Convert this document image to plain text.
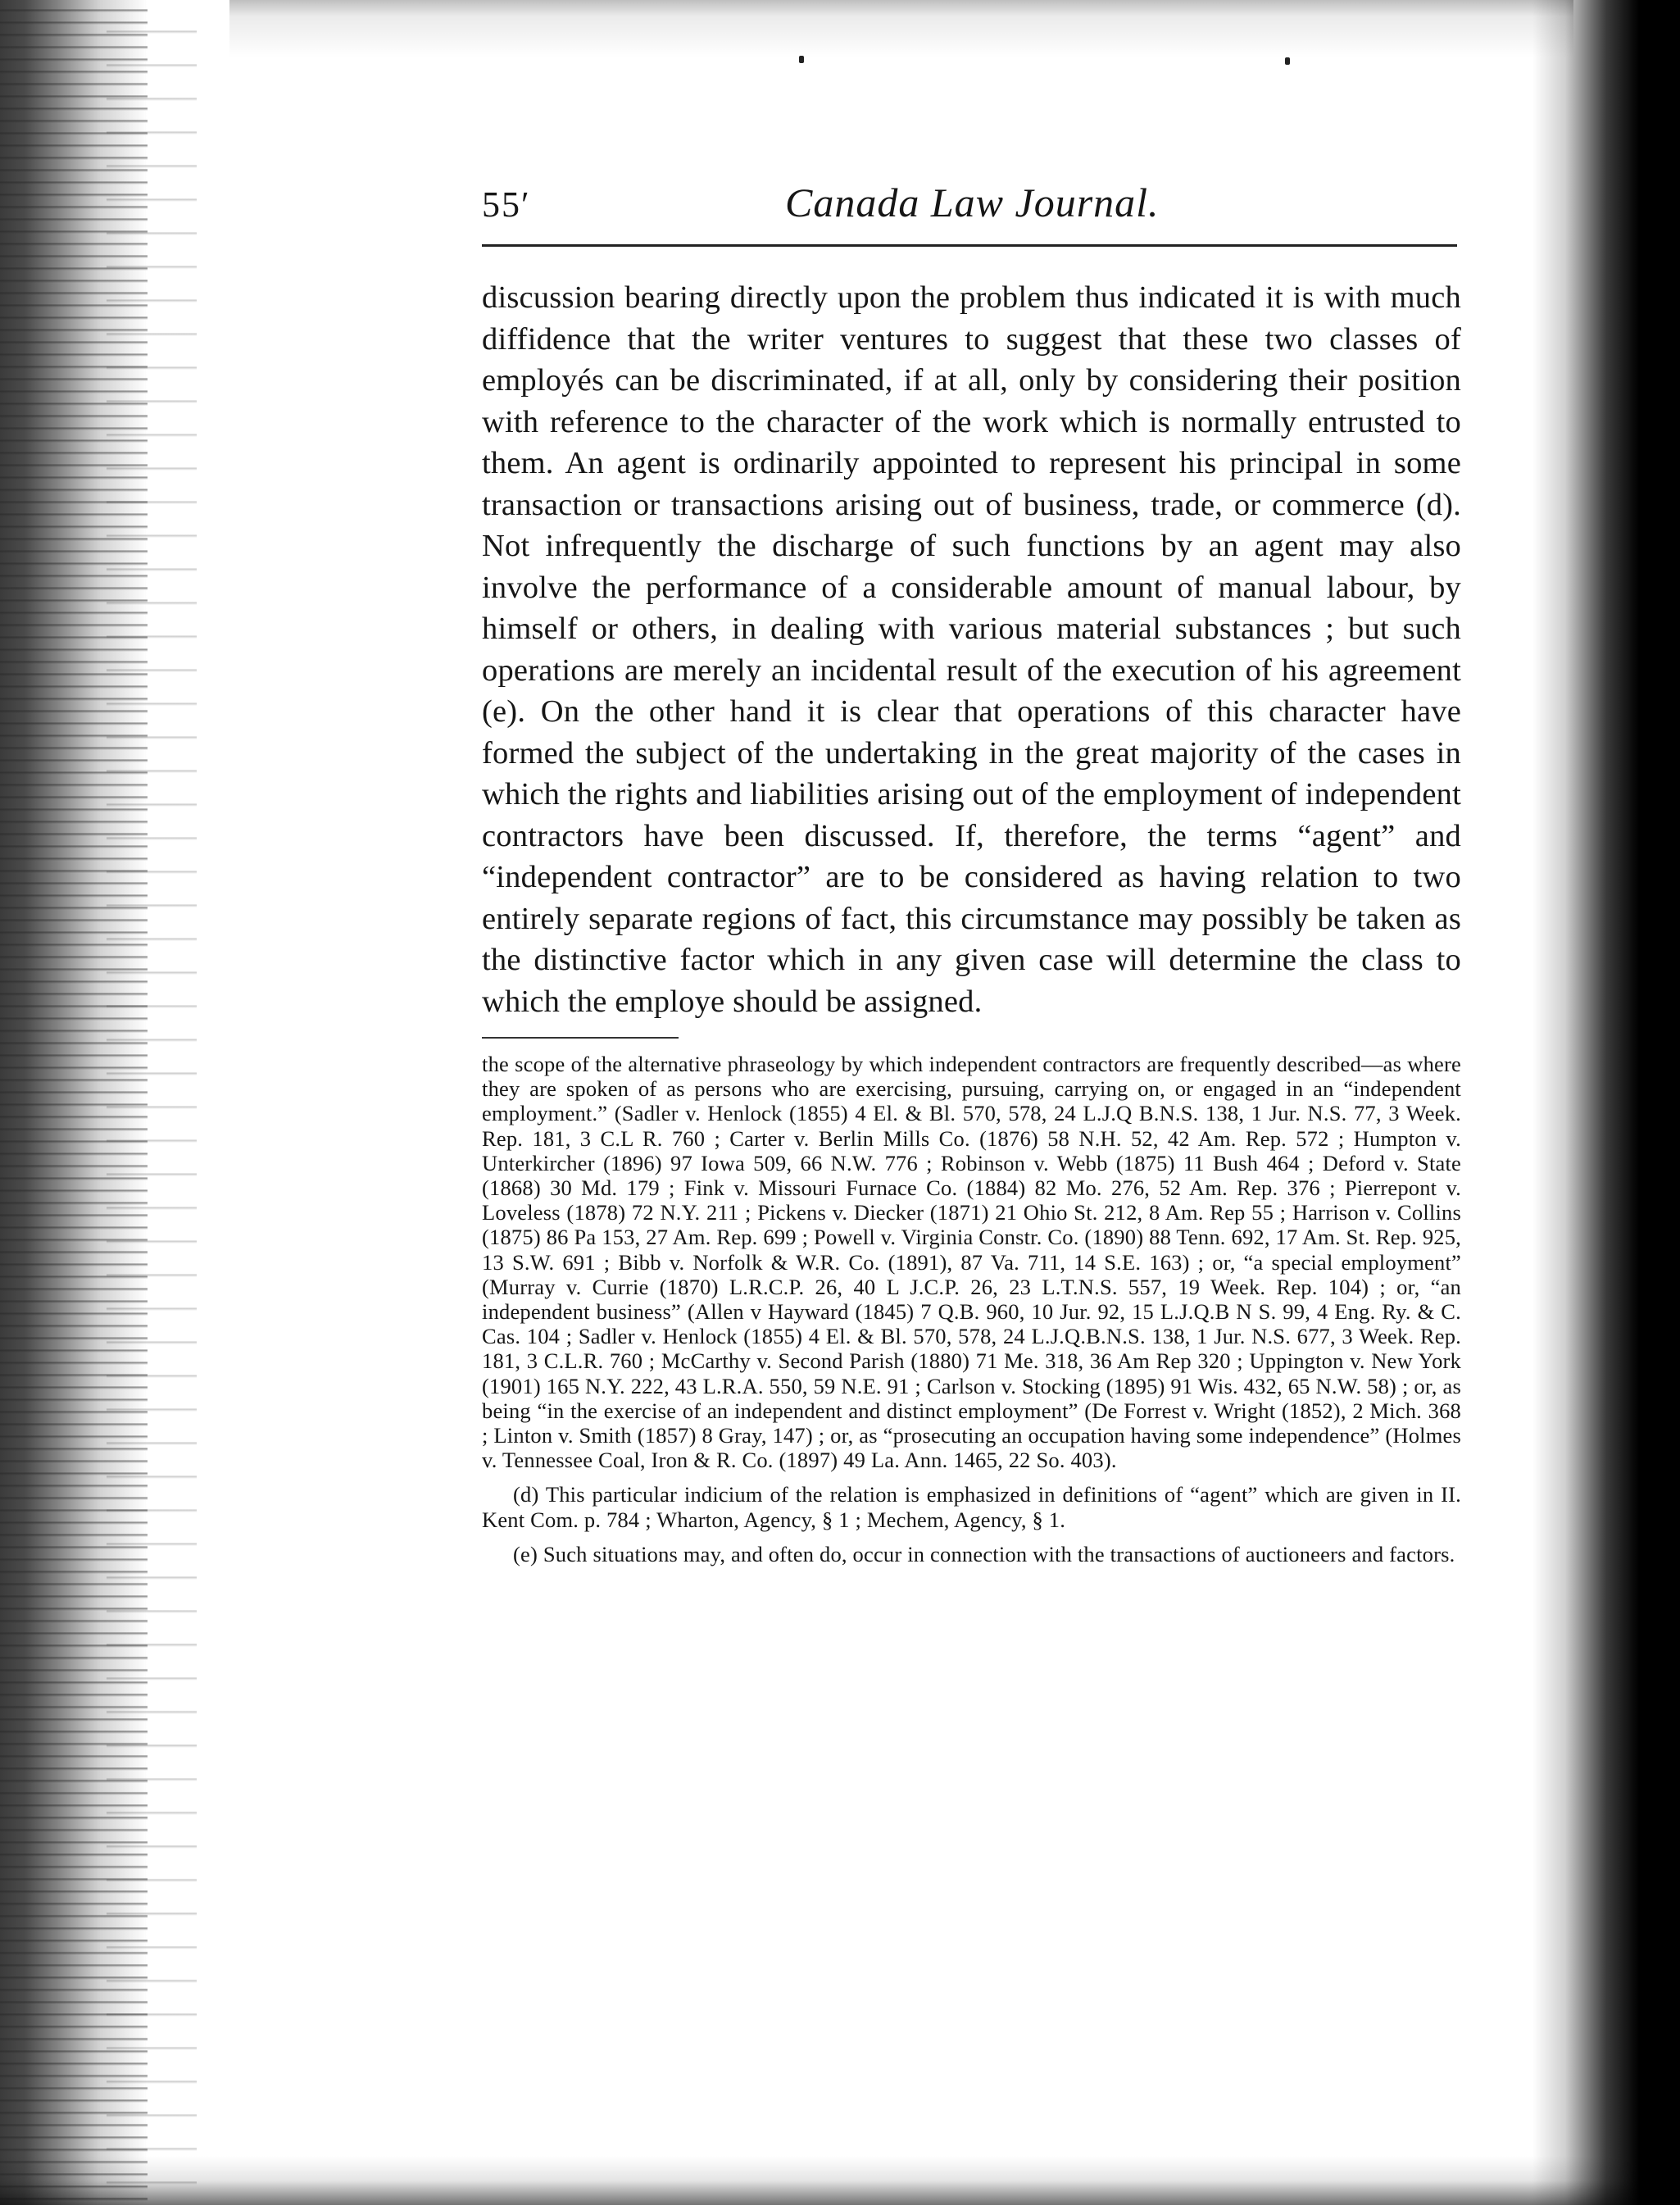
55′	Canada Law Journal.

discussion bearing directly upon the problem thus indicated it is with much diffidence that the writer ventures to suggest that these two classes of employés can be discriminated, if at all, only by considering their position with reference to the character of the work which is normally entrusted to them. An agent is ordinarily appointed to represent his principal in some transaction or transactions arising out of business, trade, or commerce (d). Not infrequently the discharge of such functions by an agent may also involve the performance of a considerable amount of manual labour, by himself or others, in dealing with various material substances ; but such operations are merely an incidental result of the execution of his agreement (e). On the other hand it is clear that operations of this character have formed the subject of the undertaking in the great majority of the cases in which the rights and liabilities arising out of the employment of independent contractors have been discussed. If, therefore, the terms “agent” and “independent contractor” are to be considered as having relation to two entirely separate regions of fact, this circumstance may possibly be taken as the distinctive factor which in any given case will determine the class to which the employe should be assigned.

the scope of the alternative phraseology by which independent contractors are frequently described—as where they are spoken of as persons who are exercising, pursuing, carrying on, or engaged in an “independent employment.” (Sadler v. Henlock (1855) 4 El. & Bl. 570, 578, 24 L.J.Q B.N.S. 138, 1 Jur. N.S. 77, 3 Week. Rep. 181, 3 C.L R. 760 ; Carter v. Berlin Mills Co. (1876) 58 N.H. 52, 42 Am. Rep. 572 ; Humpton v. Unterkircher (1896) 97 Iowa 509, 66 N.W. 776 ; Robinson v. Webb (1875) 11 Bush 464 ; Deford v. State (1868) 30 Md. 179 ; Fink v. Missouri Furnace Co. (1884) 82 Mo. 276, 52 Am. Rep. 376 ; Pierrepont v. Loveless (1878) 72 N.Y. 211 ; Pickens v. Diecker (1871) 21 Ohio St. 212, 8 Am. Rep 55 ; Harrison v. Collins (1875) 86 Pa 153, 27 Am. Rep. 699 ; Powell v. Virginia Constr. Co. (1890) 88 Tenn. 692, 17 Am. St. Rep. 925, 13 S.W. 691 ; Bibb v. Norfolk & W.R. Co. (1891), 87 Va. 711, 14 S.E. 163) ; or, “a special employment” (Murray v. Currie (1870) L.R.C.P. 26, 40 L J.C.P. 26, 23 L.T.N.S. 557, 19 Week. Rep. 104) ; or, “an independent business” (Allen v Hayward (1845) 7 Q.B. 960, 10 Jur. 92, 15 L.J.Q.B N S. 99, 4 Eng. Ry. & C. Cas. 104 ; Sadler v. Henlock (1855) 4 El. & Bl. 570, 578, 24 L.J.Q.B.N.S. 138, 1 Jur. N.S. 677, 3 Week. Rep. 181, 3 C.L.R. 760 ; McCarthy v. Second Parish (1880) 71 Me. 318, 36 Am Rep 320 ; Uppington v. New York (1901) 165 N.Y. 222, 43 L.R.A. 550, 59 N.E. 91 ; Carlson v. Stocking (1895) 91 Wis. 432, 65 N.W. 58) ; or, as being “in the exercise of an independent and distinct employment” (De Forrest v. Wright (1852), 2 Mich. 368 ; Linton v. Smith (1857) 8 Gray, 147) ; or, as “prosecuting an occupation having some independence” (Holmes v. Tennessee Coal, Iron & R. Co. (1897) 49 La. Ann. 1465, 22 So. 403).

(d) This particular indicium of the relation is emphasized in definitions of “agent” which are given in II. Kent Com. p. 784 ; Wharton, Agency, § 1 ; Mechem, Agency, § 1.

(e) Such situations may, and often do, occur in connection with the transactions of auctioneers and factors.
